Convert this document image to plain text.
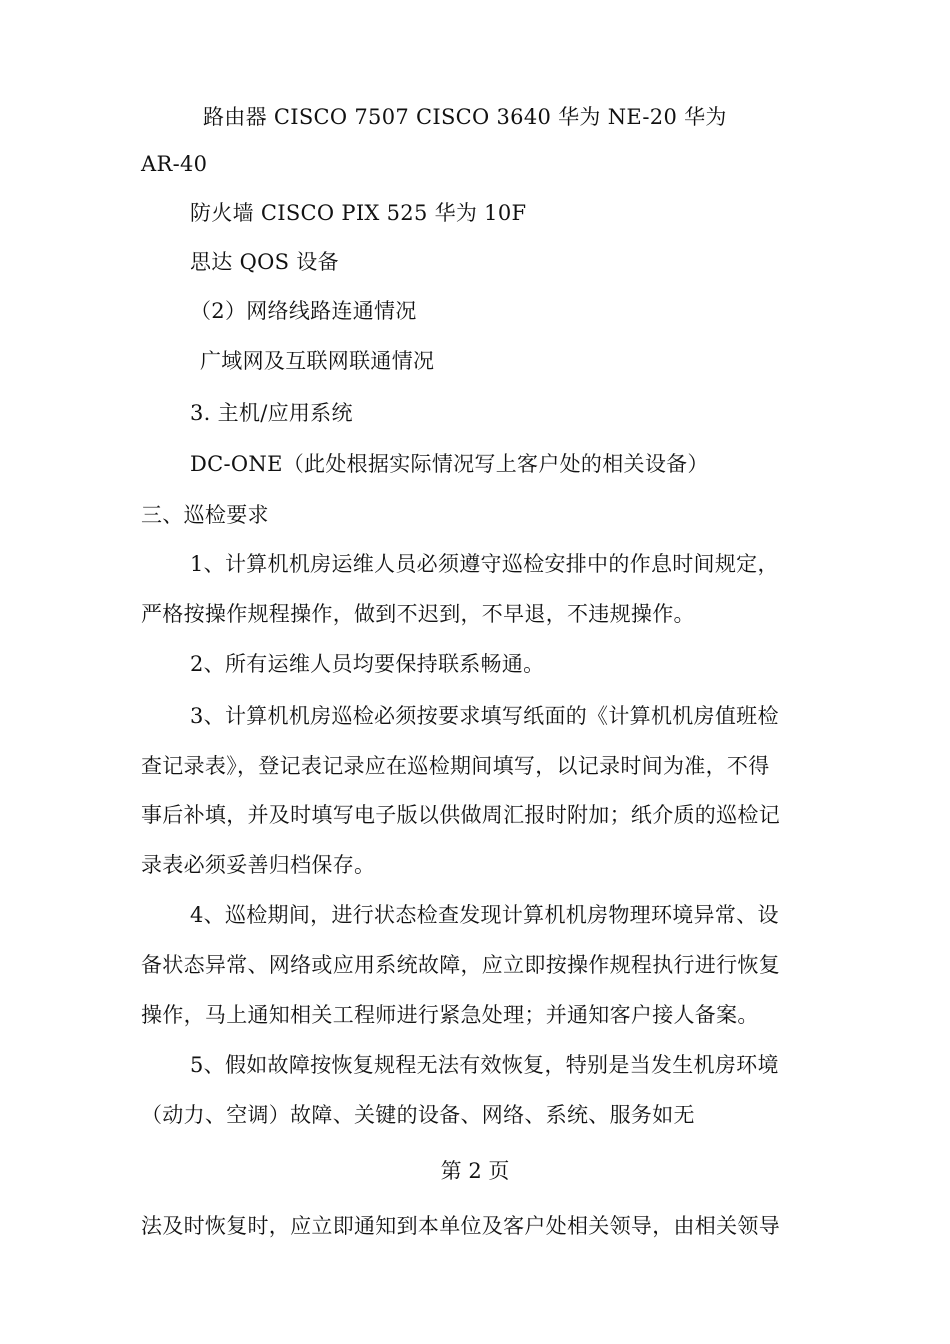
路由器 CISCO 7507 CISCO 3640 华为 NE-20 华为
AR-40
防火墙 CISCO PIX 525 华为 10F
思达 QOS 设备
（2）网络线路连通情况
广域网及互联网联通情况
3. 主机/应用系统
DC-ONE（此处根据实际情况写上客户处的相关设备）
三、巡检要求
1、计算机机房运维人员必须遵守巡检安排中的作息时间规定，
严格按操作规程操作，做到不迟到，不早退，不违规操作。
2、所有运维人员均要保持联系畅通。
3、计算机机房巡检必须按要求填写纸面的《计算机机房值班检
查记录表》，登记表记录应在巡检期间填写，以记录时间为准，不得
事后补填，并及时填写电子版以供做周汇报时附加；纸介质的巡检记
录表必须妥善归档保存。
4、巡检期间，进行状态检查发现计算机机房物理环境异常、设
备状态异常、网络或应用系统故障，应立即按操作规程执行进行恢复
操作，马上通知相关工程师进行紧急处理；并通知客户接人备案。
5、假如故障按恢复规程无法有效恢复，特别是当发生机房环境
（动力、空调）故障、关键的设备、网络、系统、服务如无
第 2 页
法及时恢复时，应立即通知到本单位及客户处相关领导，由相关领导
